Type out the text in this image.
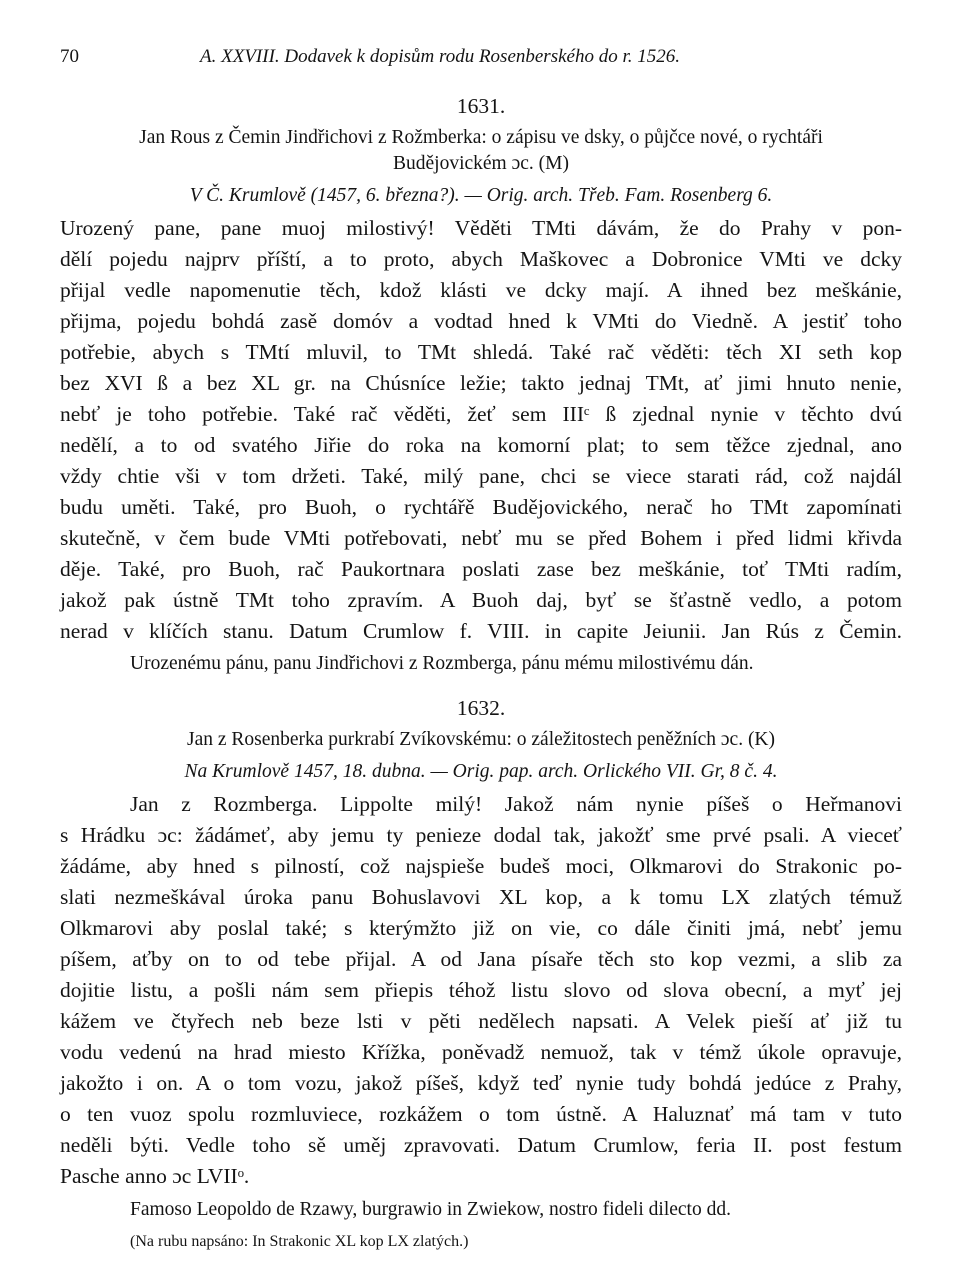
70	A. XXVIII. Dodavek k dopisům rodu Rosenberského do r. 1526.
1631.
Jan Rous z Čemin Jindřichovi z Rožmberka: o zápisu ve dsky, o půjčce nové, o rychtáři
Budějovickém ɔc. (M)
V Č. Krumlově (1457, 6. března?). — Orig. arch. Třeb. Fam. Rosenberg 6.
Urozený pane, pane muoj milostivý! Věděti TMti dávám, že do Prahy v pon-
dělí pojedu najprv příští, a to proto, abych Maškovec a Dobronice VMti ve dcky
přijal vedle napomenutie těch, kdož klásti ve dcky mají. A ihned bez meškánie,
přijma, pojedu bohdá zasě domóv a vodtad hned k VMti do Viedně. A jestiť toho
potřebie, abych s TMtí mluvil, to TMt shledá. Také rač věděti: těch XI seth kop
bez XVI ß a bez XL gr. na Chúsníce ležie; takto jednaj TMt, ať jimi hnuto nenie,
nebť je toho potřebie. Také rač věděti, žeť sem IIIᶜ ß zjednal nynie v těchto dvú
nedělí, a to od svatého Jiřie do roka na komorní plat; to sem těžce zjednal, ano
vždy chtie vši v tom držeti. Také, milý pane, chci se viece starati rád, což najdál
budu uměti. Také, pro Buoh, o rychtářě Budějovického, nerač ho TMt zapomínati
skutečně, v čem bude VMti potřebovati, nebť mu se před Bohem i před lidmi křivda
děje. Také, pro Buoh, rač Paukortnara poslati zase bez meškánie, toť TMti radím,
jakož pak ústně TMt toho zpravím. A Buoh daj, byť se šťastně vedlo, a potom
nerad v klíčích stanu. Datum Crumlow f. VIII. in capite Jeiunii. Jan Rús z Čemin.
Urozenému pánu, panu Jindřichovi z Rozmberga, pánu mému milostivému dán.
1632.
Jan z Rosenberka purkrabí Zvíkovskému: o záležitostech peněžních ɔc. (K)
Na Krumlově 1457, 18. dubna. — Orig. pap. arch. Orlického VII. Gr, 8 č. 4.
Jan z Rozmberga. Lippolte milý! Jakož nám nynie píšeš o Heřmanovi
s Hrádku ɔc: žádámeť, aby jemu ty penieze dodal tak, jakožť sme prvé psali. A vieceť
žádáme, aby hned s pilností, což najspieše budeš moci, Olkmarovi do Strakonic po-
slati nezmeškával úroka panu Bohuslavovi XL kop, a k tomu LX zlatých témuž
Olkmarovi aby poslal také; s kterýmžto již on vie, co dále činiti jmá, nebť jemu
píšem, aťby on to od tebe přijal. A od Jana písaře těch sto kop vezmi, a slib za
dojitie listu, a pošli nám sem přiepis téhož listu slovo od slova obecní, a myť jej
kážem ve čtyřech neb beze lsti v pěti nedělech napsati. A Velek pieší ať již tu
vodu vedenú na hrad miesto Křížka, poněvadž nemuož, tak v témž úkole opravuje,
jakožto i on. A o tom vozu, jakož píšeš, když teď nynie tudy bohdá jedúce z Prahy,
o ten vuoz spolu rozmluviece, rozkážem o tom ústně. A Haluznať má tam v tuto
neděli býti. Vedle toho sě uměj zpravovati. Datum Crumlow, feria II. post festum
Pasche anno ɔc LVIIᵒ.
Famoso Leopoldo de Rzawy, burgrawio in Zwiekow, nostro fideli dilecto dd.
(Na rubu napsáno: In Strakonic XL kop LX zlatých.)
